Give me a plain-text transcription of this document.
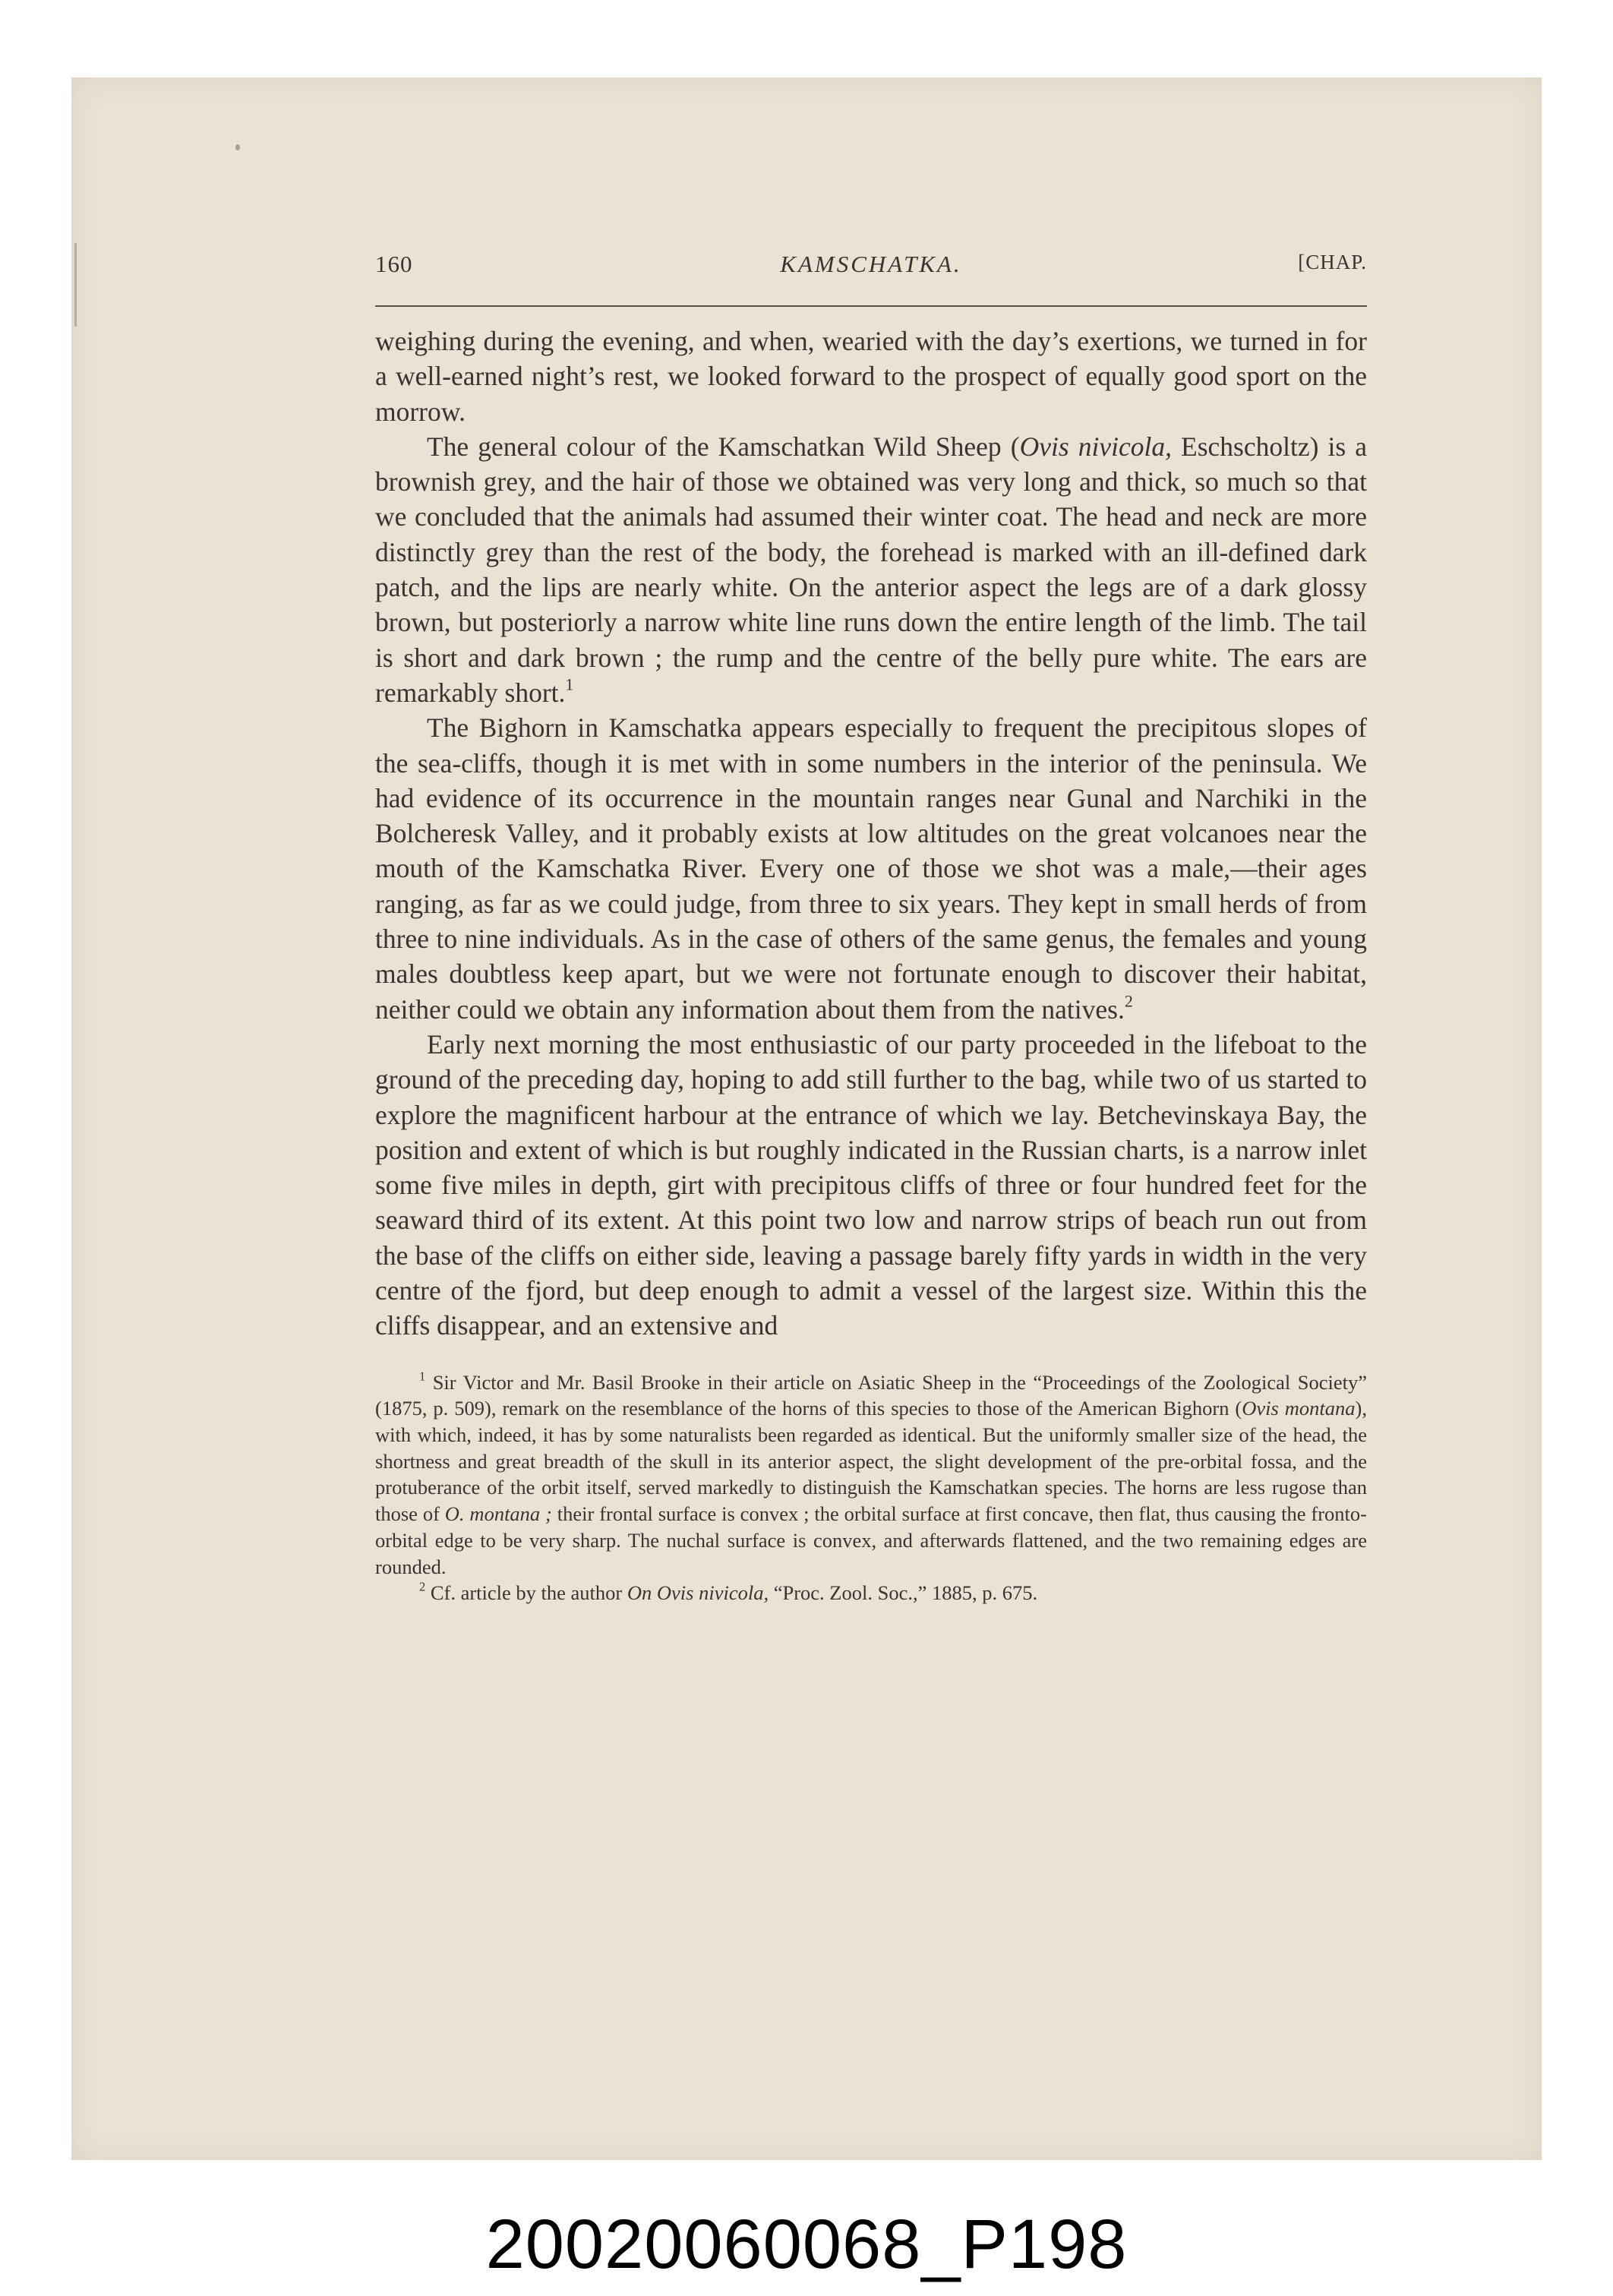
160	KAMSCHATKA.	[CHAP.

weighing during the evening, and when, wearied with the day’s exertions, we turned in for a well-earned night’s rest, we looked forward to the prospect of equally good sport on the morrow.

The general colour of the Kamschatkan Wild Sheep (Ovis nivicola, Eschscholtz) is a brownish grey, and the hair of those we obtained was very long and thick, so much so that we concluded that the animals had assumed their winter coat. The head and neck are more distinctly grey than the rest of the body, the forehead is marked with an ill-defined dark patch, and the lips are nearly white. On the anterior aspect the legs are of a dark glossy brown, but posteriorly a narrow white line runs down the entire length of the limb. The tail is short and dark brown ; the rump and the centre of the belly pure white. The ears are remarkably short.$^1$

The Bighorn in Kamschatka appears especially to frequent the precipitous slopes of the sea-cliffs, though it is met with in some numbers in the interior of the peninsula. We had evidence of its occurrence in the mountain ranges near Gunal and Narchiki in the Bolcheresk Valley, and it probably exists at low altitudes on the great volcanoes near the mouth of the Kamschatka River. Every one of those we shot was a male,—their ages ranging, as far as we could judge, from three to six years. They kept in small herds of from three to nine individuals. As in the case of others of the same genus, the females and young males doubtless keep apart, but we were not fortunate enough to discover their habitat, neither could we obtain any information about them from the natives.$^2$

Early next morning the most enthusiastic of our party proceeded in the lifeboat to the ground of the preceding day, hoping to add still further to the bag, while two of us started to explore the magnificent harbour at the entrance of which we lay. Betchevinskaya Bay, the position and extent of which is but roughly indicated in the Russian charts, is a narrow inlet some five miles in depth, girt with precipitous cliffs of three or four hundred feet for the seaward third of its extent. At this point two low and narrow strips of beach run out from the base of the cliffs on either side, leaving a passage barely fifty yards in width in the very centre of the fjord, but deep enough to admit a vessel of the largest size. Within this the cliffs disappear, and an extensive and

$^1$ Sir Victor and Mr. Basil Brooke in their article on Asiatic Sheep in the “Proceedings of the Zoological Society” (1875, p. 509), remark on the resemblance of the horns of this species to those of the American Bighorn (Ovis montana), with which, indeed, it has by some naturalists been regarded as identical. But the uniformly smaller size of the head, the shortness and great breadth of the skull in its anterior aspect, the slight development of the pre-orbital fossa, and the protuberance of the orbit itself, served markedly to distinguish the Kamschatkan species. The horns are less rugose than those of O. montana ; their frontal surface is convex ; the orbital surface at first concave, then flat, thus causing the fronto-orbital edge to be very sharp. The nuchal surface is convex, and afterwards flattened, and the two remaining edges are rounded.

$^2$ Cf. article by the author On Ovis nivicola, “Proc. Zool. Soc.,” 1885, p. 675.

20020060068_P198
